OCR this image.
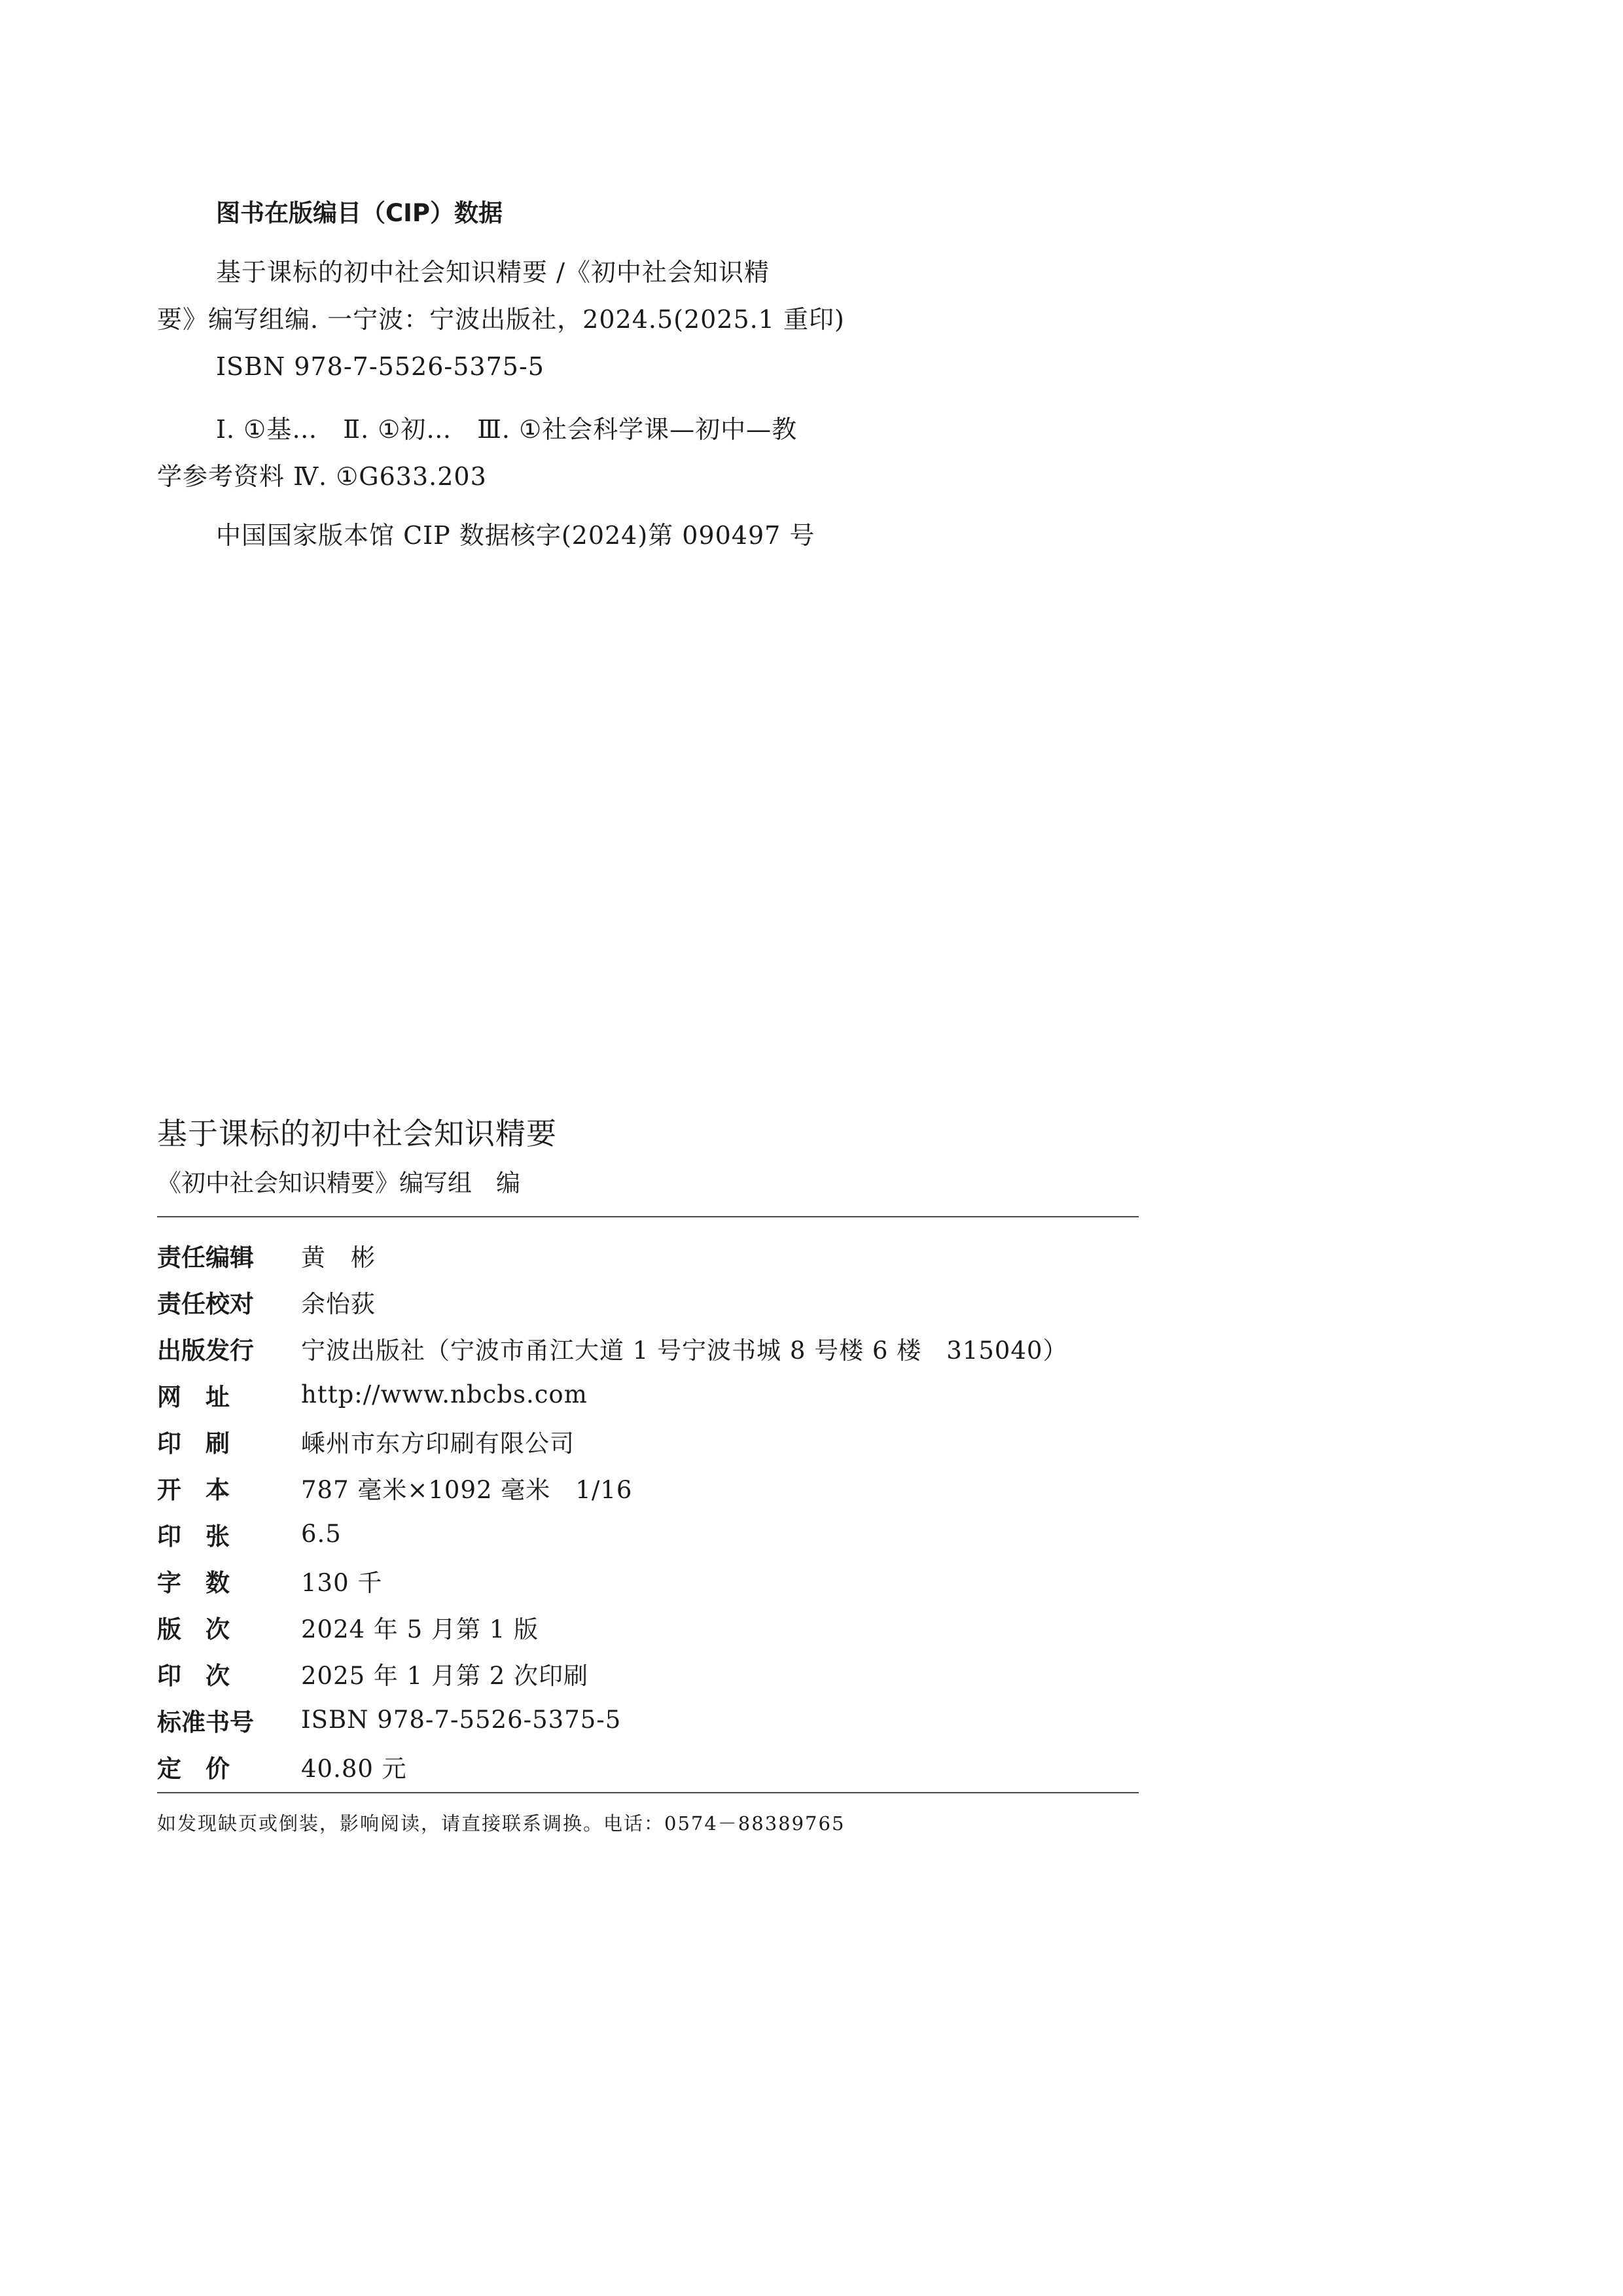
图书在版编目（CIP）数据
基于课标的初中社会知识精要 /《初中社会知识精
要》编写组编. 一宁波：宁波出版社，2024.5(2025.1 重印)
ISBN 978-7-5526-5375-5
Ⅰ. ①基…　Ⅱ. ①初…　Ⅲ. ①社会科学课—初中—教
学参考资料 Ⅳ. ①G633.203
中国国家版本馆 CIP 数据核字(2024)第 090497 号
基于课标的初中社会知识精要
《初中社会知识精要》编写组　编
责任编辑	黄　彬
责任校对	余怡荻
出版发行	宁波出版社（宁波市甬江大道 1 号宁波书城 8 号楼 6 楼　315040）
网　址	http://www.nbcbs.com
印　刷	嵊州市东方印刷有限公司
开　本	787 毫米×1092 毫米　1/16
印　张	6.5
字　数	130 千
版　次	2024 年 5 月第 1 版
印　次	2025 年 1 月第 2 次印刷
标准书号	ISBN 978-7-5526-5375-5
定　价	40.80 元
如发现缺页或倒装，影响阅读，请直接联系调换。电话：0574－88389765
